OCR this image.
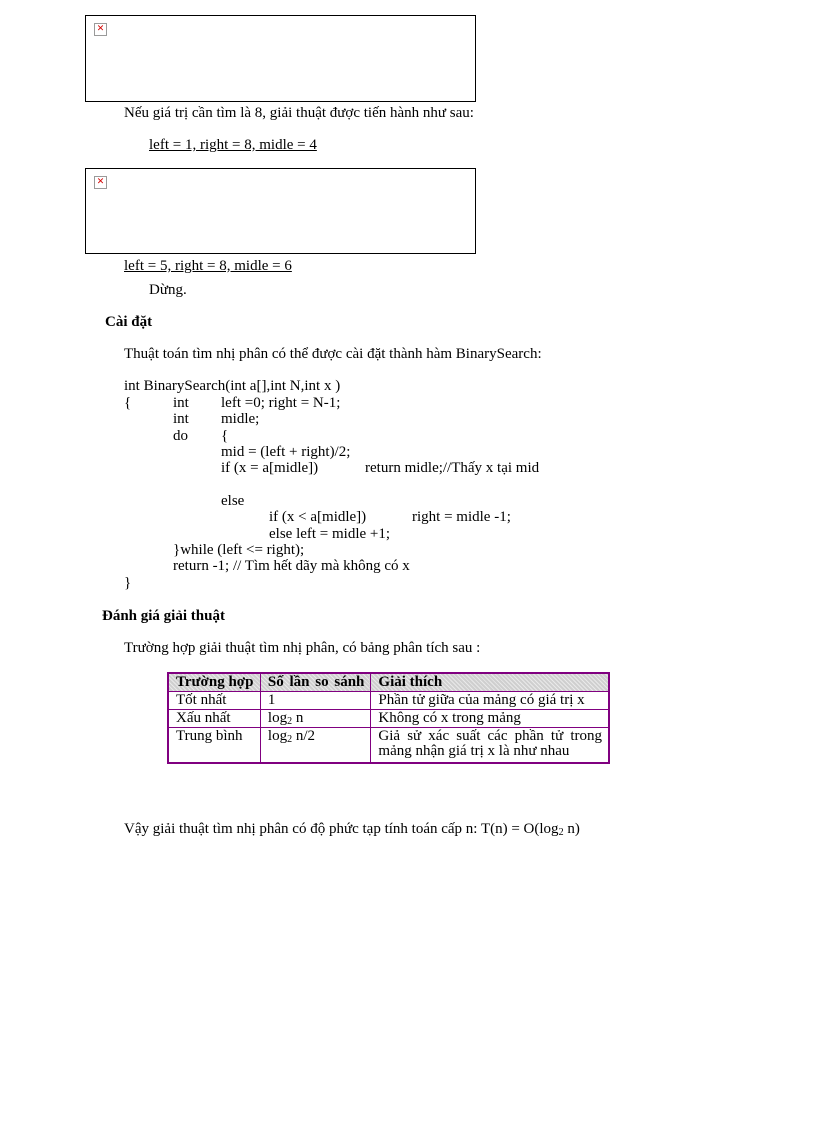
✕
Nếu giá trị cần tìm là 8, giải thuật được tiến hành như sau:
left = 1, right = 8, midle = 4
✕
left = 5, right = 8, midle = 6
Dừng.
Cài đặt
Thuật toán tìm nhị phân có thể được cài đặt thành hàm BinarySearch:
int BinarySearch(int a[],int N,int x )
{	int left =0; right = N-1;
int midle;
do {
mid = (left + right)/2;
if (x = a[midle])	return midle;//Thấy x tại mid
else
if (x < a[midle])	right = midle -1;
else left = midle +1;
}while (left <= right);
return -1; // Tìm hết dãy mà không có x
}
Đánh giá giải thuật
Trường hợp giải thuật tìm nhị phân, có bảng phân tích sau :
Trường hợp	Số lần so sánh	Giải thích
Tốt nhất	1	Phần tử giữa của mảng có giá trị x
Xấu nhất	$\log_2 n$	Không có x trong mảng
Trung bình	$\log_2 n/2$	Giả sử xác suất các phần tử trong mảng nhận giá trị x là như nhau
Vậy giải thuật tìm nhị phân có độ phức tạp tính toán cấp n: $T(n) = O(\log_2$ n)
